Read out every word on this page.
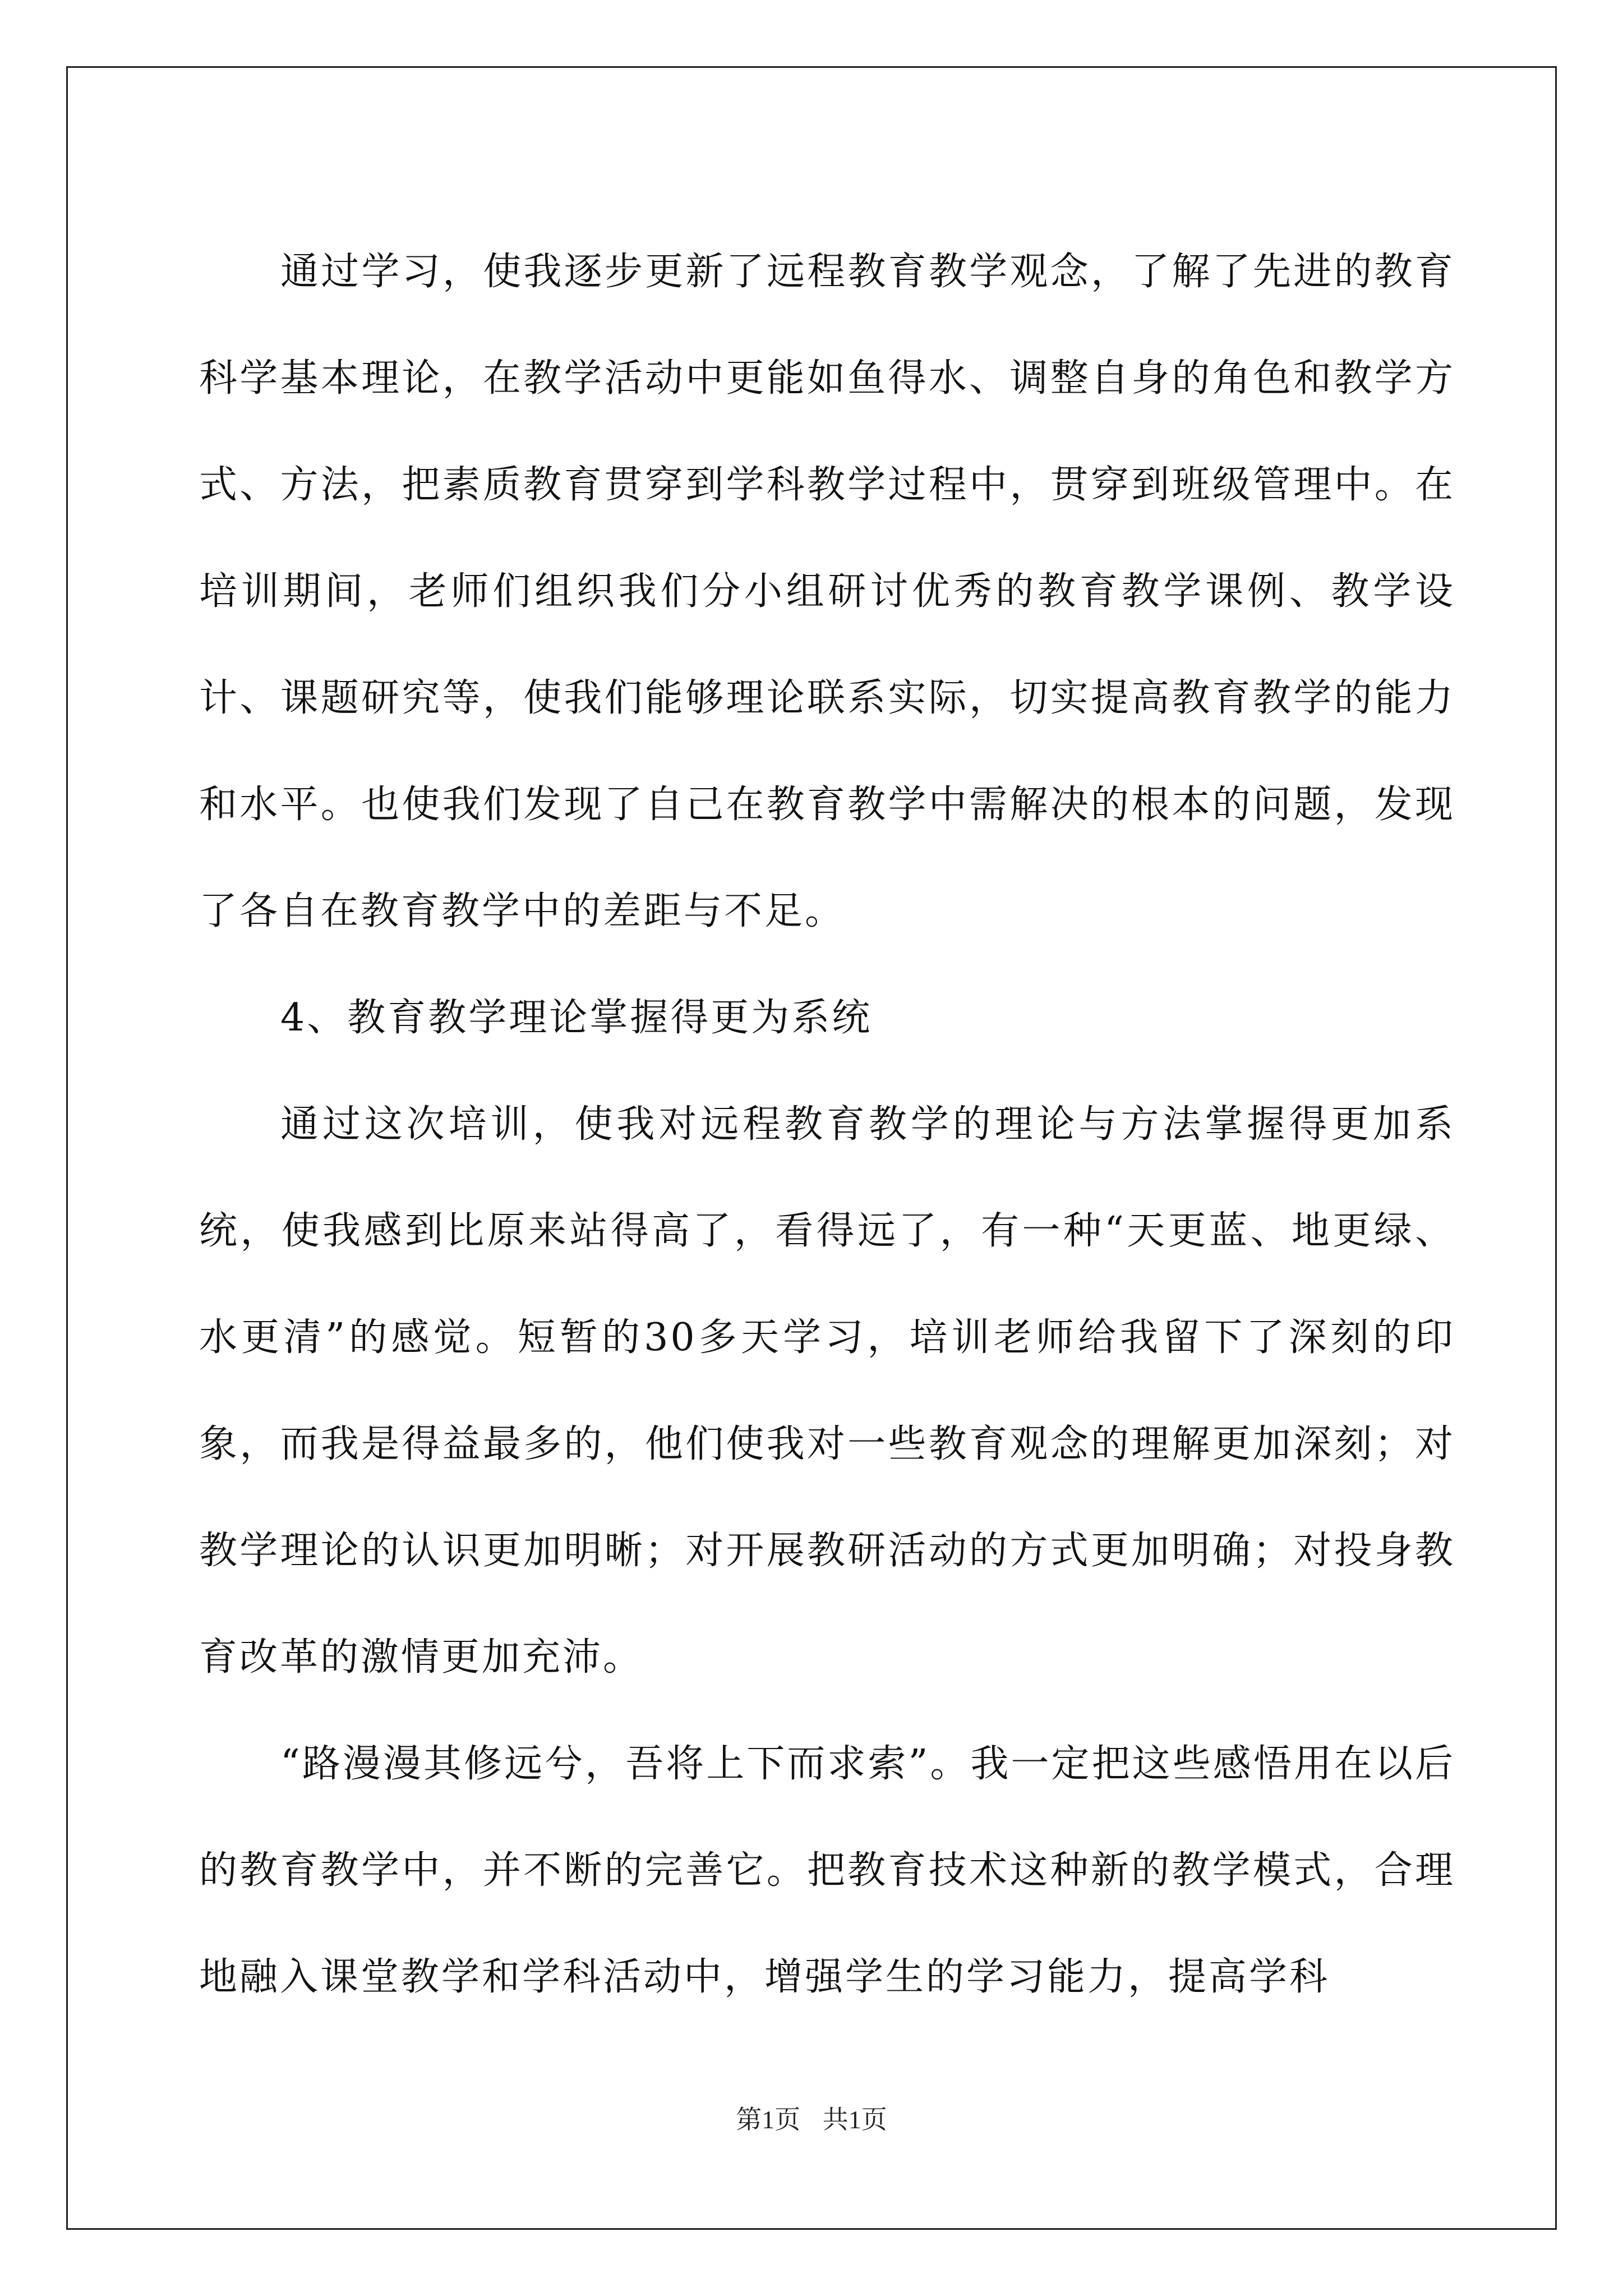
通过学习，使我逐步更新了远程教育教学观念，了解了先进的教育科学基本理论，在教学活动中更能如鱼得水、调整自身的角色和教学方式、方法，把素质教育贯穿到学科教学过程中，贯穿到班级管理中。在培训期间，老师们组织我们分小组研讨优秀的教育教学课例、教学设计、课题研究等，使我们能够理论联系实际，切实提高教育教学的能力和水平。也使我们发现了自己在教育教学中需解决的根本的问题，发现了各自在教育教学中的差距与不足。

4、教育教学理论掌握得更为系统

通过这次培训，使我对远程教育教学的理论与方法掌握得更加系统，使我感到比原来站得高了，看得远了，有一种“天更蓝、地更绿、水更清”的感觉。短暂的30多天学习，培训老师给我留下了深刻的印象，而我是得益最多的，他们使我对一些教育观念的理解更加深刻；对教学理论的认识更加明晰；对开展教研活动的方式更加明确；对投身教育改革的激情更加充沛。

“路漫漫其修远兮，吾将上下而求索”。我一定把这些感悟用在以后的教育教学中，并不断的完善它。把教育技术这种新的教学模式，合理地融入课堂教学和学科活动中，增强学生的学习能力，提高学科

第1页 共1页
